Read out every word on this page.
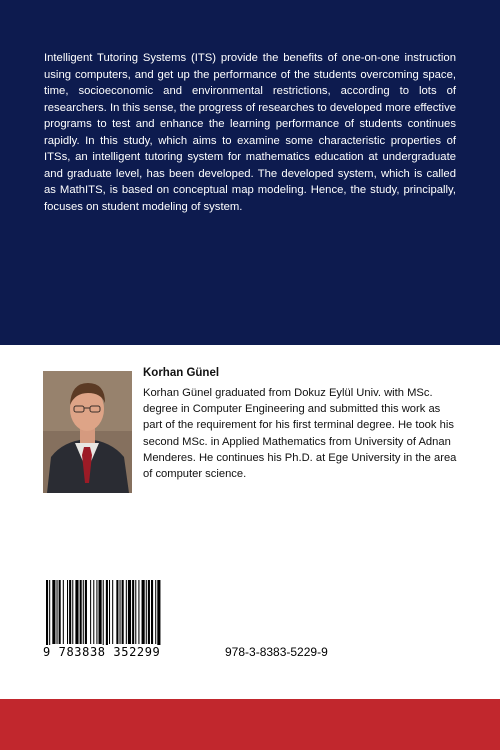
Intelligent Tutoring Systems (ITS) provide the benefits of one-on-one instruction using computers, and get up the performance of the students overcoming space, time, socioeconomic and environmental restrictions, according to lots of researchers. In this sense, the progress of researches to developed more effective programs to test and enhance the learning performance of students continues rapidly. In this study, which aims to examine some characteristic properties of ITSs, an intelligent tutoring system for mathematics education at undergraduate and graduate level, has been developed. The developed system, which is called as MathITS, is based on conceptual map modeling. Hence, the study, principally, focuses on student modeling of system.

Korhan Günel

Korhan Günel graduated from Dokuz Eylül Univ. with MSc. degree in Computer Engineering and submitted this work as part of the requirement for his first terminal degree. He took his second MSc. in Applied Mathematics from University of Adnan Menderes. He continues his Ph.D. at Ege University in the area of computer science.

9 783838 352299	978-3-8383-5229-9
